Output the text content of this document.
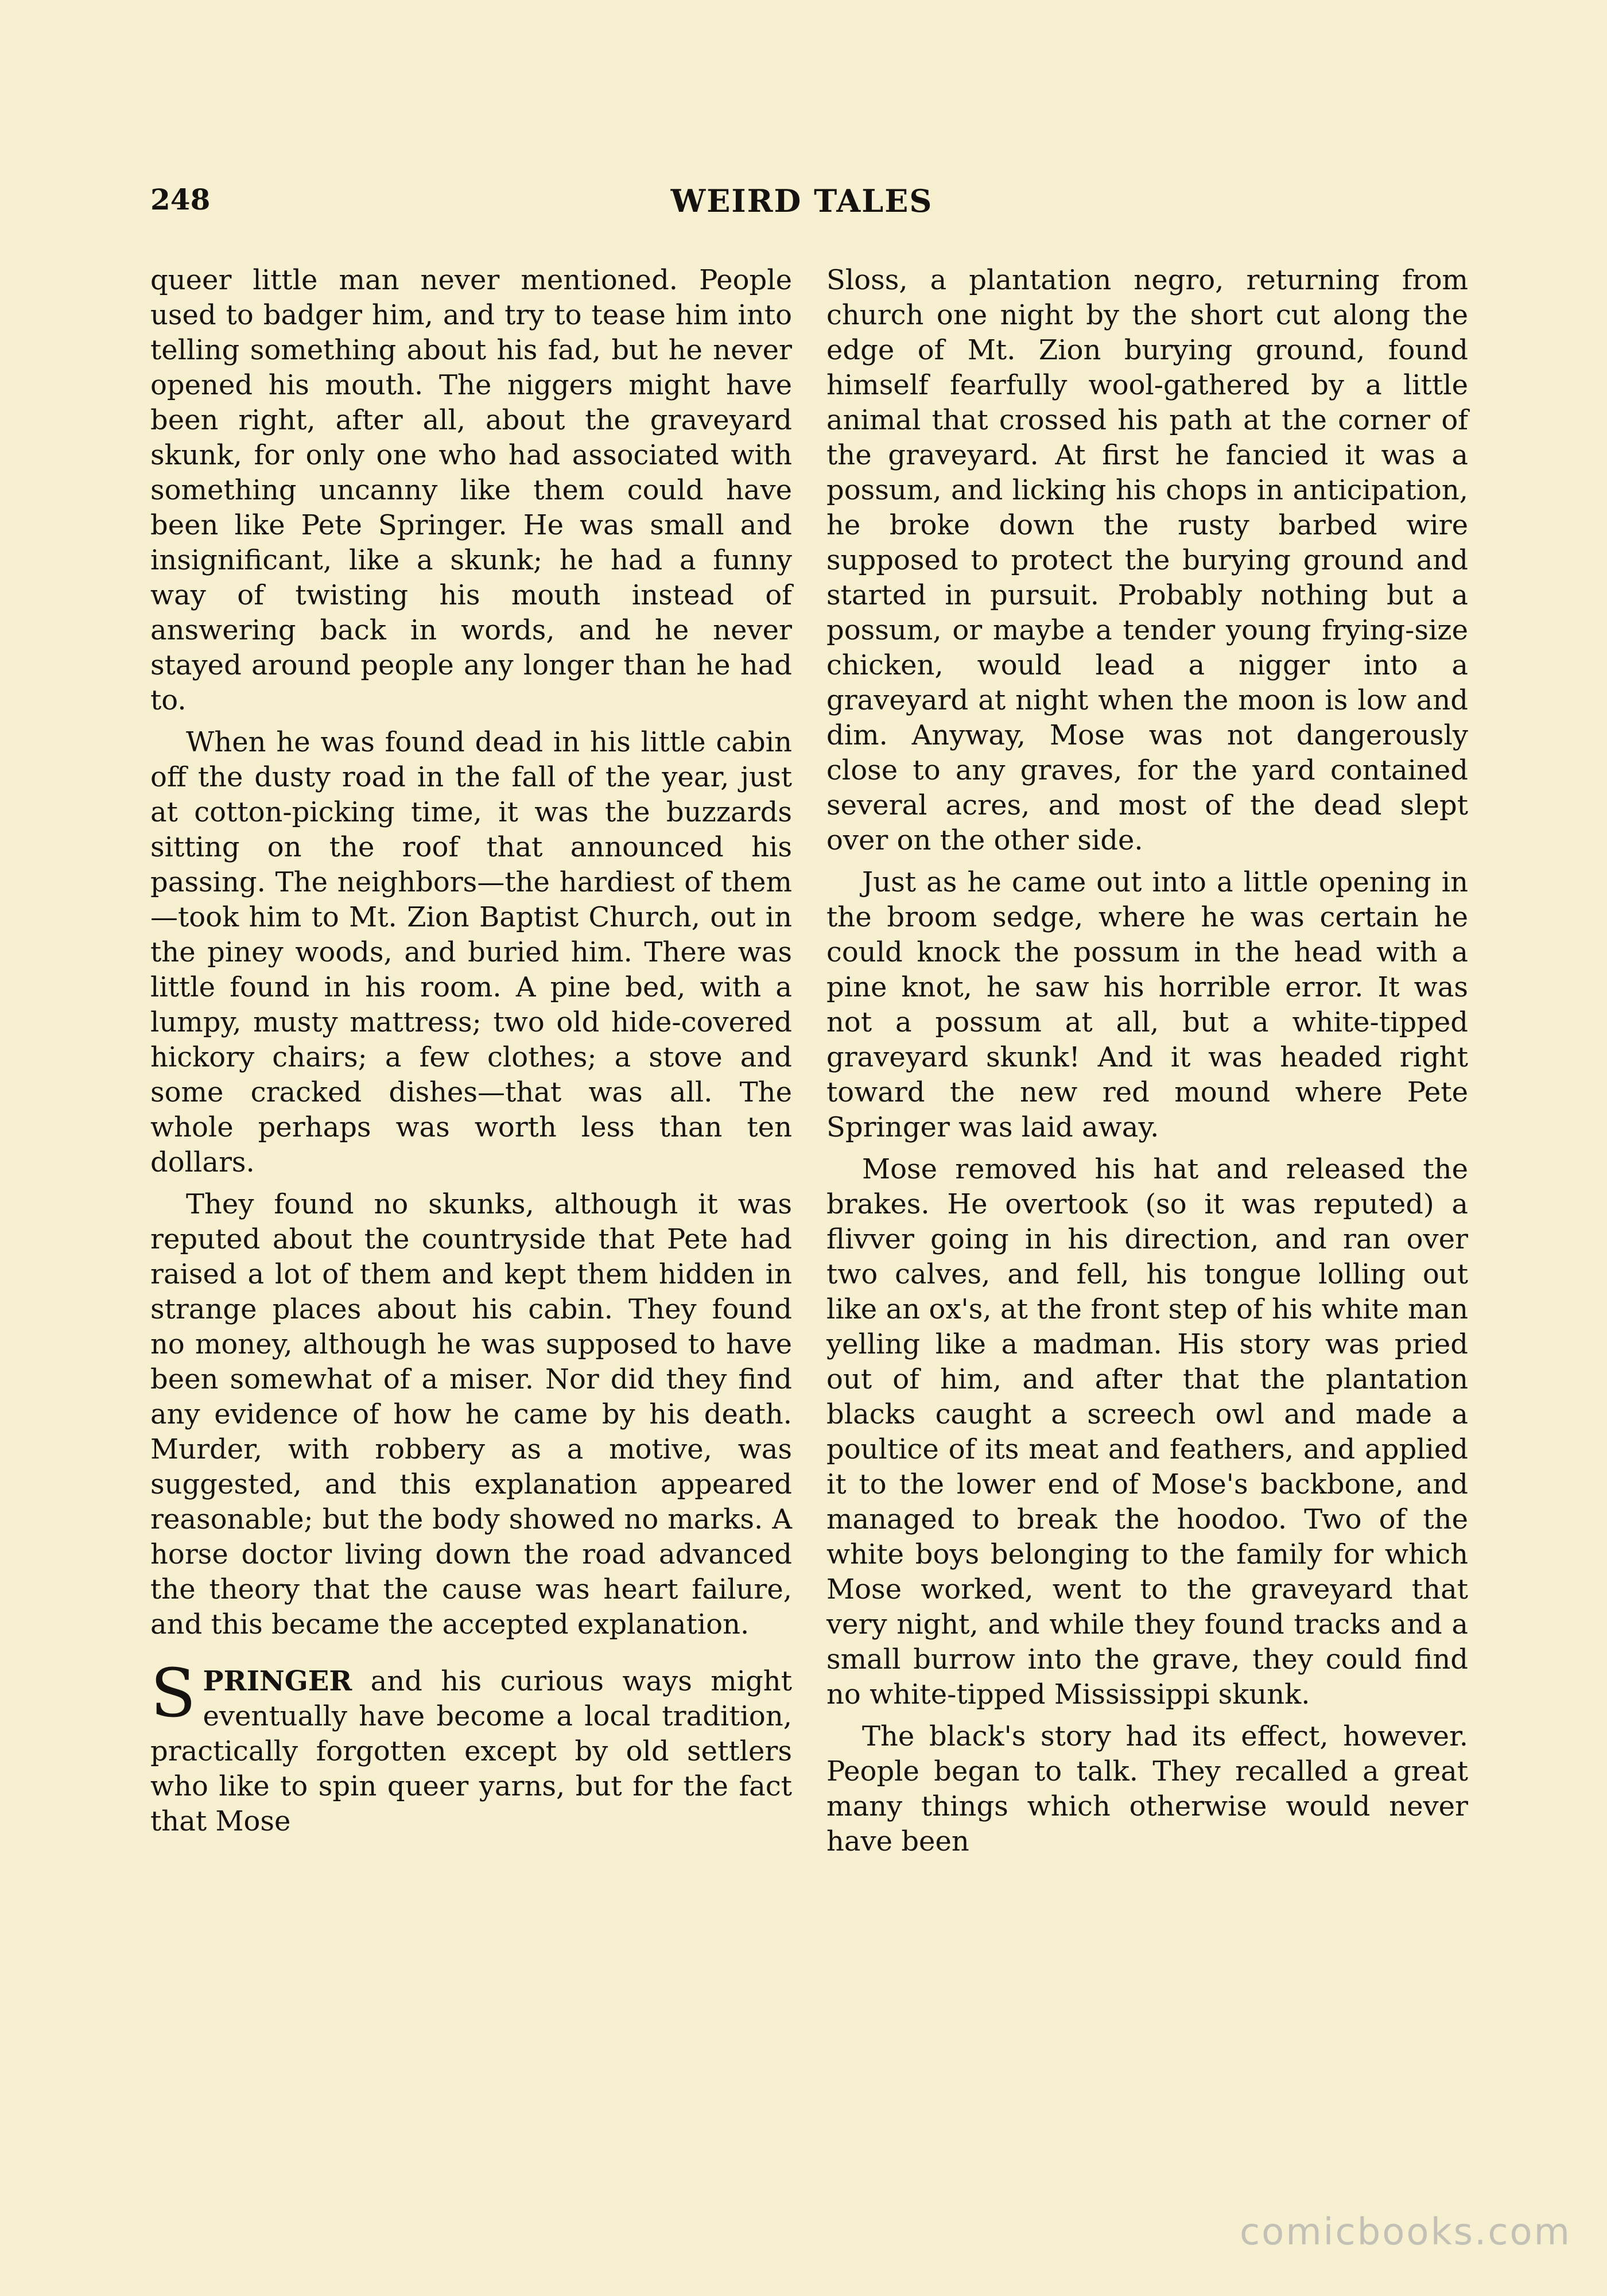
248	WEIRD TALES

queer little man never mentioned. People used to badger him, and try to tease him into telling something about his fad, but he never opened his mouth. The niggers might have been right, after all, about the graveyard skunk, for only one who had associated with something uncanny like them could have been like Pete Springer. He was small and insignificant, like a skunk; he had a funny way of twisting his mouth instead of answering back in words, and he never stayed around people any longer than he had to.

When he was found dead in his little cabin off the dusty road in the fall of the year, just at cotton-picking time, it was the buzzards sitting on the roof that announced his passing. The neighbors—the hardiest of them—took him to Mt. Zion Baptist Church, out in the piney woods, and buried him. There was little found in his room. A pine bed, with a lumpy, musty mattress; two old hide-covered hickory chairs; a few clothes; a stove and some cracked dishes—that was all. The whole perhaps was worth less than ten dollars.

They found no skunks, although it was reputed about the countryside that Pete had raised a lot of them and kept them hidden in strange places about his cabin. They found no money, although he was supposed to have been somewhat of a miser. Nor did they find any evidence of how he came by his death. Murder, with robbery as a motive, was suggested, and this explanation appeared reasonable; but the body showed no marks. A horse doctor living down the road advanced the theory that the cause was heart failure, and this became the accepted explanation.

SPRINGER and his curious ways might eventually have become a local tradition, practically forgotten except by old settlers who like to spin queer yarns, but for the fact that Mose

Sloss, a plantation negro, returning from church one night by the short cut along the edge of Mt. Zion burying ground, found himself fearfully wool-gathered by a little animal that crossed his path at the corner of the graveyard. At first he fancied it was a possum, and licking his chops in anticipation, he broke down the rusty barbed wire supposed to protect the burying ground and started in pursuit. Probably nothing but a possum, or maybe a tender young frying-size chicken, would lead a nigger into a graveyard at night when the moon is low and dim. Anyway, Mose was not dangerously close to any graves, for the yard contained several acres, and most of the dead slept over on the other side.

Just as he came out into a little opening in the broom sedge, where he was certain he could knock the possum in the head with a pine knot, he saw his horrible error. It was not a possum at all, but a white-tipped graveyard skunk! And it was headed right toward the new red mound where Pete Springer was laid away.

Mose removed his hat and released the brakes. He overtook (so it was reputed) a flivver going in his direction, and ran over two calves, and fell, his tongue lolling out like an ox's, at the front step of his white man yelling like a madman. His story was pried out of him, and after that the plantation blacks caught a screech owl and made a poultice of its meat and feathers, and applied it to the lower end of Mose's backbone, and managed to break the hoodoo. Two of the white boys belonging to the family for which Mose worked, went to the graveyard that very night, and while they found tracks and a small burrow into the grave, they could find no white-tipped Mississippi skunk.

The black's story had its effect, however. People began to talk. They recalled a great many things which otherwise would never have been

comicbooks.com
